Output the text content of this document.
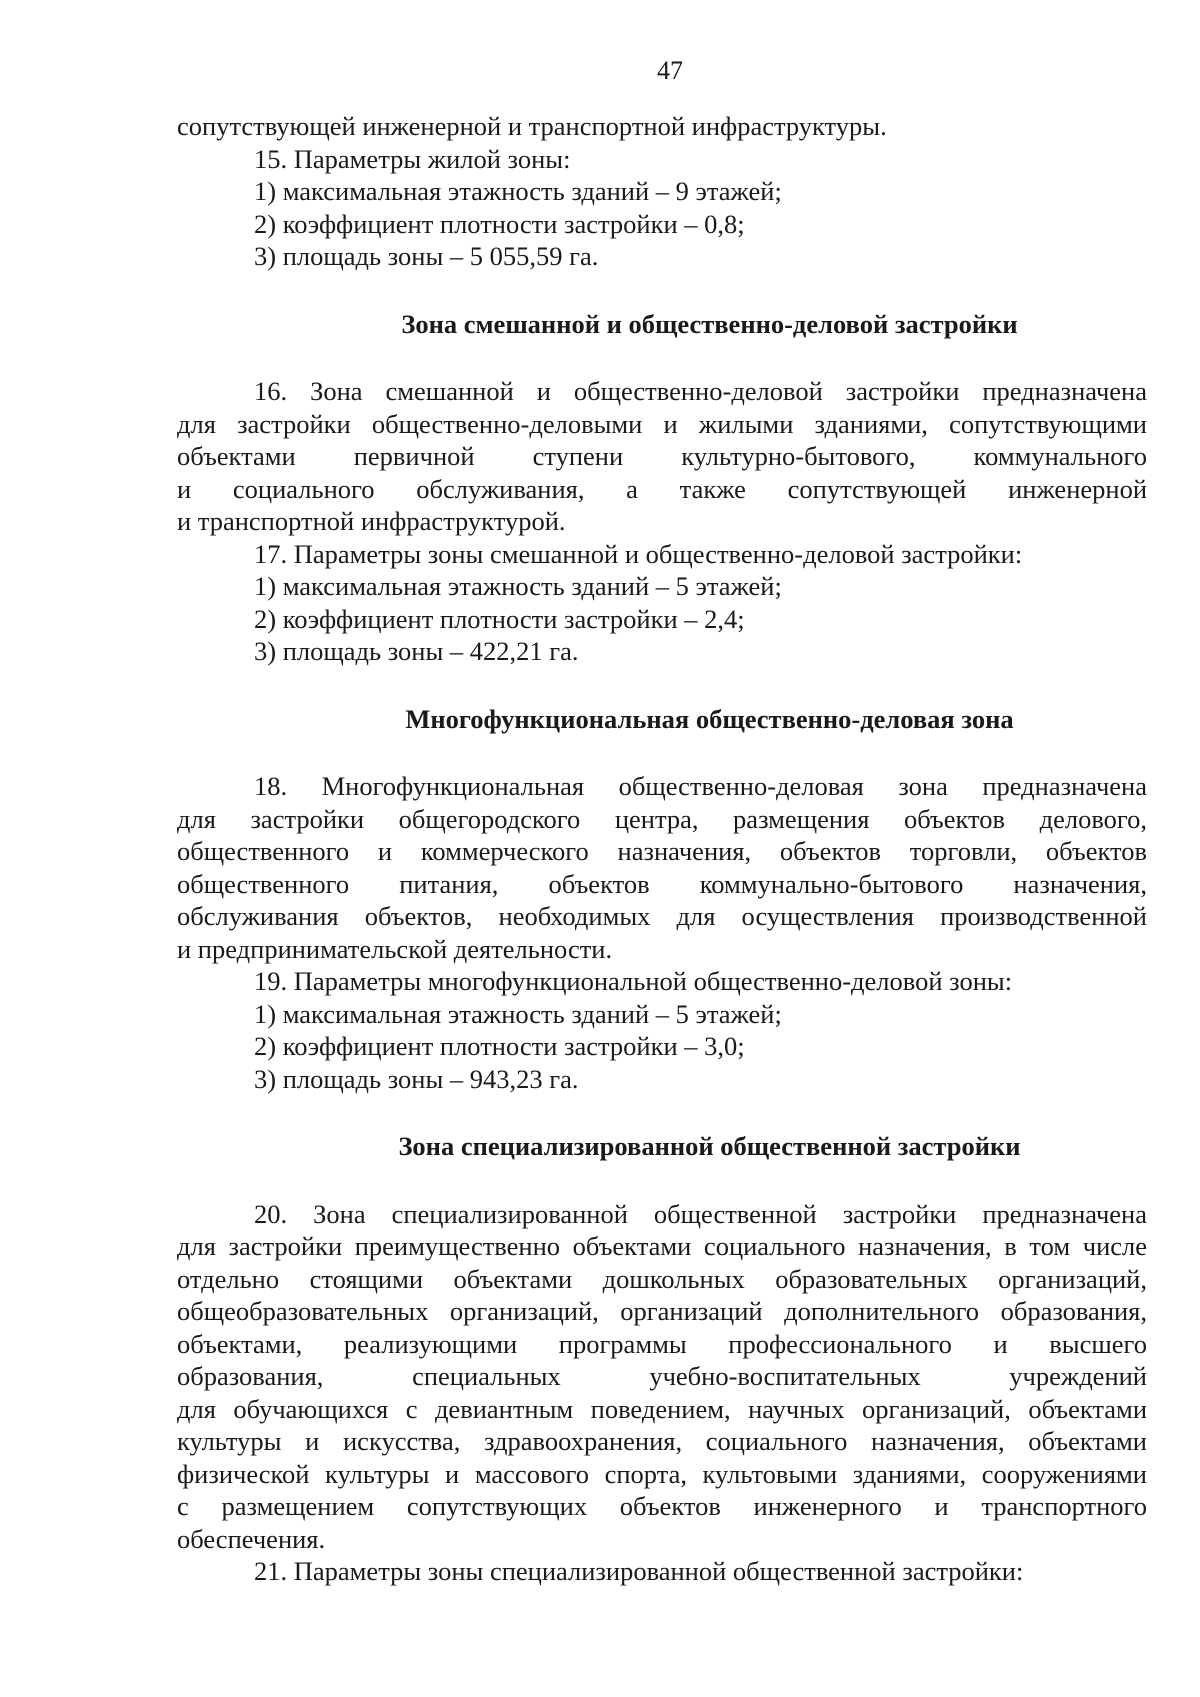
47
сопутствующей инженерной и транспортной инфраструктуры.
15. Параметры жилой зоны:
1) максимальная этажность зданий – 9 этажей;
2) коэффициент плотности застройки – 0,8;
3) площадь зоны – 5 055,59 га.
Зона смешанной и общественно-деловой застройки
16. Зона смешанной и общественно-деловой застройки предназначена
для застройки общественно-деловыми и жилыми зданиями, сопутствующими
объектами первичной ступени культурно-бытового, коммунального
и социального обслуживания, а также сопутствующей инженерной
и транспортной инфраструктурой.
17. Параметры зоны смешанной и общественно-деловой застройки:
1) максимальная этажность зданий – 5 этажей;
2) коэффициент плотности застройки – 2,4;
3) площадь зоны – 422,21 га.
Многофункциональная общественно-деловая зона
18. Многофункциональная общественно-деловая зона предназначена
для застройки общегородского центра, размещения объектов делового,
общественного и коммерческого назначения, объектов торговли, объектов
общественного питания, объектов коммунально-бытового назначения,
обслуживания объектов, необходимых для осуществления производственной
и предпринимательской деятельности.
19. Параметры многофункциональной общественно-деловой зоны:
1) максимальная этажность зданий – 5 этажей;
2) коэффициент плотности застройки – 3,0;
3) площадь зоны – 943,23 га.
Зона специализированной общественной застройки
20. Зона специализированной общественной застройки предназначена
для застройки преимущественно объектами социального назначения, в том числе
отдельно стоящими объектами дошкольных образовательных организаций,
общеобразовательных организаций, организаций дополнительного образования,
объектами, реализующими программы профессионального и высшего
образования, специальных учебно-воспитательных учреждений
для обучающихся с девиантным поведением, научных организаций, объектами
культуры и искусства, здравоохранения, социального назначения, объектами
физической культуры и массового спорта, культовыми зданиями, сооружениями
с размещением сопутствующих объектов инженерного и транспортного
обеспечения.
21. Параметры зоны специализированной общественной застройки:
